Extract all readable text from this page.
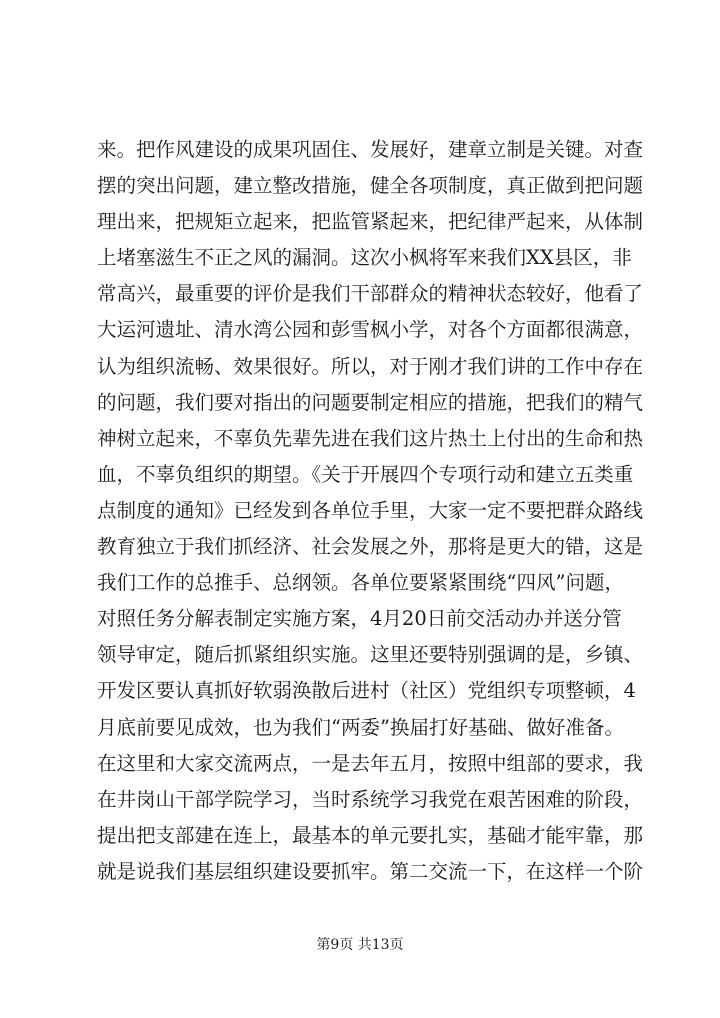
来。把作风建设的成果巩固住、发展好，建章立制是关键。对查
摆的突出问题，建立整改措施，健全各项制度，真正做到把问题
理出来，把规矩立起来，把监管紧起来，把纪律严起来，从体制
上堵塞滋生不正之风的漏洞。这次小枫将军来我们XX县区，非
常高兴，最重要的评价是我们干部群众的精神状态较好，他看了
大运河遗址、清水湾公园和彭雪枫小学，对各个方面都很满意，
认为组织流畅、效果很好。所以，对于刚才我们讲的工作中存在
的问题，我们要对指出的问题要制定相应的措施，把我们的精气
神树立起来，不辜负先辈先进在我们这片热土上付出的生命和热
血，不辜负组织的期望。《关于开展四个专项行动和建立五类重
点制度的通知》已经发到各单位手里，大家一定不要把群众路线
教育独立于我们抓经济、社会发展之外，那将是更大的错，这是
我们工作的总推手、总纲领。各单位要紧紧围绕“四风”问题，
对照任务分解表制定实施方案，4月20日前交活动办并送分管
领导审定，随后抓紧组织实施。这里还要特别强调的是，乡镇、
开发区要认真抓好软弱涣散后进村（社区）党组织专项整顿，4
月底前要见成效，也为我们“两委”换届打好基础、做好准备。
在这里和大家交流两点，一是去年五月，按照中组部的要求，我
在井岗山干部学院学习，当时系统学习我党在艰苦困难的阶段，
提出把支部建在连上，最基本的单元要扎实，基础才能牢靠，那
就是说我们基层组织建设要抓牢。第二交流一下，在这样一个阶
第9页 共13页
